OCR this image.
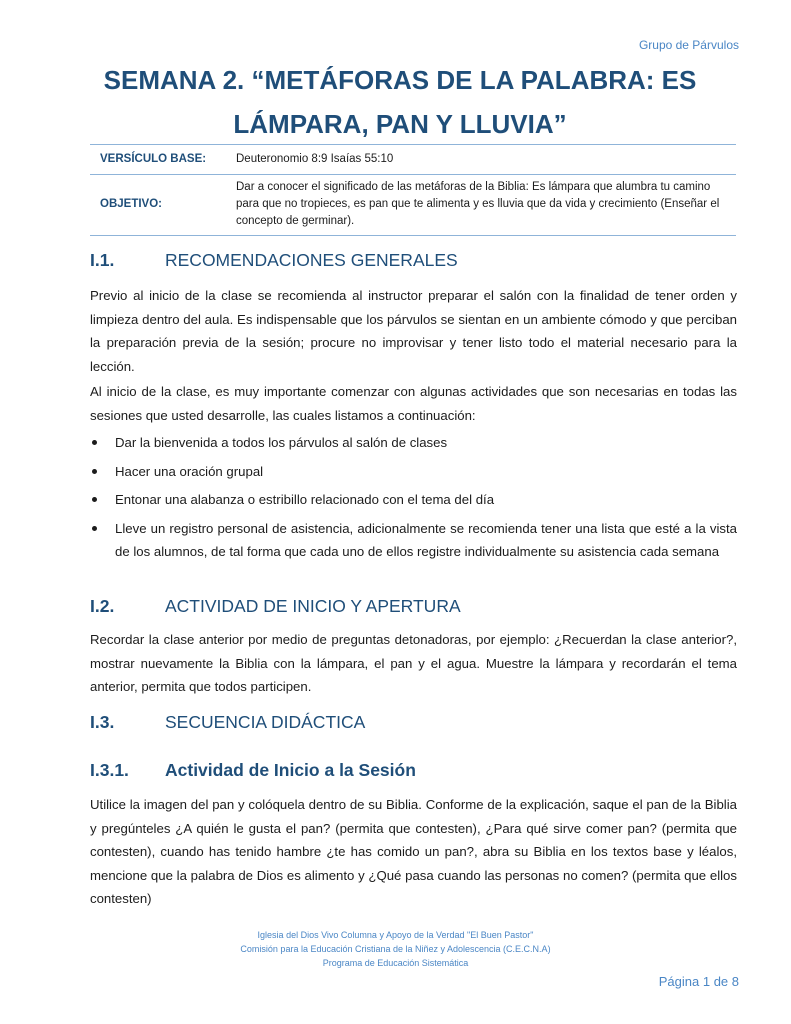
Grupo de Párvulos
SEMANA 2. “METÁFORAS DE LA PALABRA: ES
LÁMPARA, PAN Y LLUVIA”
VERSÍCULO BASE:	Deuteronomio 8:9 Isaías 55:10
OBJETIVO:
Dar a conocer el significado de las metáforas de la Biblia: Es lámpara que alumbra tu camino para que no tropieces, es pan que te alimenta y es lluvia que da vida y crecimiento (Enseñar el concepto de germinar).
I.1.	RECOMENDACIONES GENERALES
Previo al inicio de la clase se recomienda al instructor preparar el salón con la finalidad de tener orden y limpieza dentro del aula. Es indispensable que los párvulos se sientan en un ambiente cómodo y que perciban la preparación previa de la sesión; procure no improvisar y tener listo todo el material necesario para la lección.
Al inicio de la clase, es muy importante comenzar con algunas actividades que son necesarias en todas las sesiones que usted desarrolle, las cuales listamos a continuación:
Dar la bienvenida a todos los párvulos al salón de clases
Hacer una oración grupal
Entonar una alabanza o estribillo relacionado con el tema del día
Lleve un registro personal de asistencia, adicionalmente se recomienda tener una lista que esté a la vista de los alumnos, de tal forma que cada uno de ellos registre individualmente su asistencia cada semana
I.2.	ACTIVIDAD DE INICIO Y APERTURA
Recordar la clase anterior por medio de preguntas detonadoras, por ejemplo: ¿Recuerdan la clase anterior?, mostrar nuevamente la Biblia con la lámpara, el pan y el agua. Muestre la lámpara y recordarán el tema anterior, permita que todos participen.
I.3.	SECUENCIA DIDÁCTICA
I.3.1.	Actividad de Inicio a la Sesión
Utilice la imagen del pan y colóquela dentro de su Biblia. Conforme de la explicación, saque el pan de la Biblia y pregúnteles ¿A quién le gusta el pan? (permita que contesten), ¿Para qué sirve comer pan? (permita que contesten), cuando has tenido hambre ¿te has comido un pan?, abra su Biblia en los textos base y léalos, mencione que la palabra de Dios es alimento y ¿Qué pasa cuando las personas no comen? (permita que ellos contesten)
Iglesia del Dios Vivo Columna y Apoyo de la Verdad "El Buen Pastor"
Comisión para la Educación Cristiana de la Niñez y Adolescencia (C.E.C.N.A)
Programa de Educación Sistemática
Página 1 de 8
